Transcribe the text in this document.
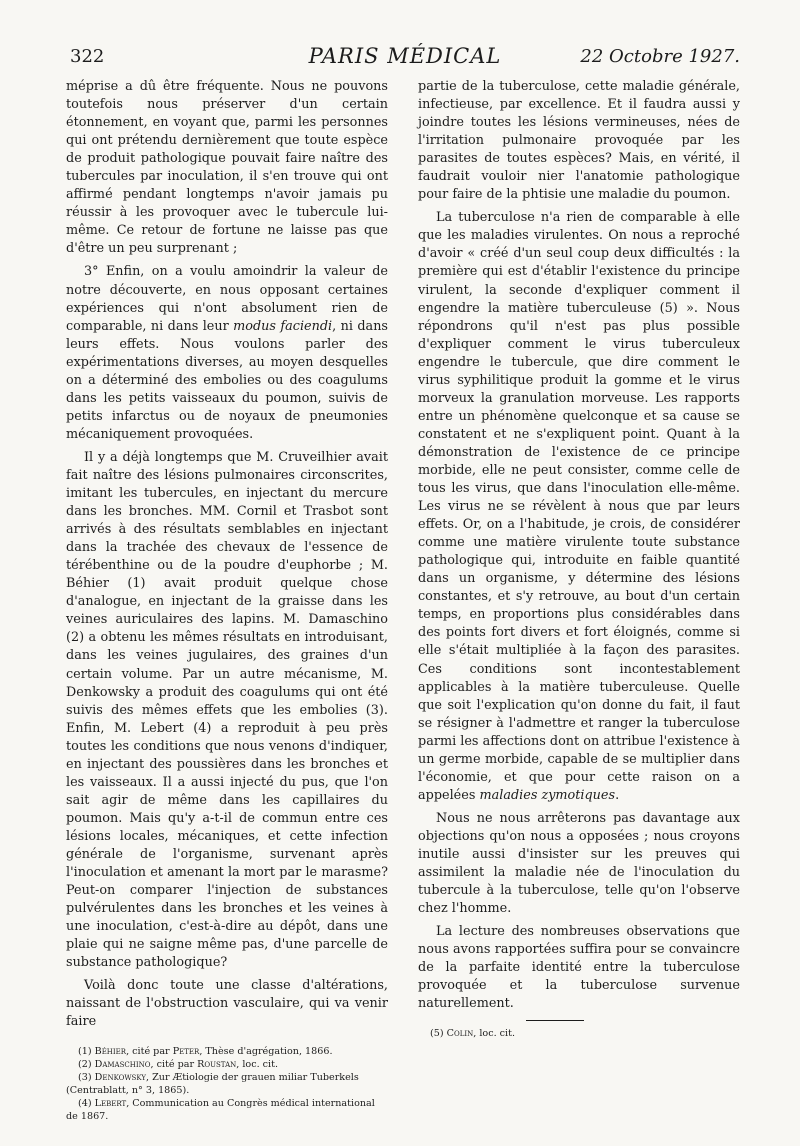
322	PARIS MÉDICAL	22 Octobre 1927.

méprise a dû être fréquente. Nous ne pouvons toutefois nous préserver d'un certain étonnement, en voyant que, parmi les personnes qui ont prétendu dernièrement que toute espèce de produit pathologique pouvait faire naître des tubercules par inoculation, il s'en trouve qui ont affirmé pendant longtemps n'avoir jamais pu réussir à les provoquer avec le tubercule lui-même. Ce retour de fortune ne laisse pas que d'être un peu surprenant ;

3° Enfin, on a voulu amoindrir la valeur de notre découverte, en nous opposant certaines expériences qui n'ont absolument rien de comparable, ni dans leur modus faciendi, ni dans leurs effets. Nous voulons parler des expérimentations diverses, au moyen desquelles on a déterminé des embolies ou des coagulums dans les petits vaisseaux du poumon, suivis de petits infarctus ou de noyaux de pneumonies mécaniquement provoquées.

Il y a déjà longtemps que M. Cruveilhier avait fait naître des lésions pulmonaires circonscrites, imitant les tubercules, en injectant du mercure dans les bronches. MM. Cornil et Trasbot sont arrivés à des résultats semblables en injectant dans la trachée des chevaux de l'essence de térébenthine ou de la poudre d'euphorbe ; M. Béhier (1) avait produit quelque chose d'analogue, en injectant de la graisse dans les veines auriculaires des lapins. M. Damaschino (2) a obtenu les mêmes résultats en introduisant, dans les veines jugulaires, des graines d'un certain volume. Par un autre mécanisme, M. Denkowsky a produit des coagulums qui ont été suivis des mêmes effets que les embolies (3). Enfin, M. Lebert (4) a reproduit à peu près toutes les conditions que nous venons d'indiquer, en injectant des poussières dans les bronches et les vaisseaux. Il a aussi injecté du pus, que l'on sait agir de même dans les capillaires du poumon. Mais qu'y a-t-il de commun entre ces lésions locales, mécaniques, et cette infection générale de l'organisme, survenant après l'inoculation et amenant la mort par le marasme? Peut-on comparer l'injection de substances pulvérulentes dans les bronches et les veines à une inoculation, c'est-à-dire au dépôt, dans une plaie qui ne saigne même pas, d'une parcelle de substance pathologique?

Voilà donc toute une classe d'altérations, naissant de l'obstruction vasculaire, qui va venir faire

(1) Béhier, cité par Peter, Thèse d'agrégation, 1866.

(2) Damaschino, cité par Roustan, loc. cit.

(3) Denkowsky, Zur Ætiologie der grauen miliar Tuberkels (Centrablatt, n° 3, 1865).

(4) Lebert, Communication au Congrès médical international de 1867.

partie de la tuberculose, cette maladie générale, infectieuse, par excellence. Et il faudra aussi y joindre toutes les lésions vermineuses, nées de l'irritation pulmonaire provoquée par les parasites de toutes espèces? Mais, en vérité, il faudrait vouloir nier l'anatomie pathologique pour faire de la phtisie une maladie du poumon.

La tuberculose n'a rien de comparable à elle que les maladies virulentes. On nous a reproché d'avoir « créé d'un seul coup deux difficultés : la première qui est d'établir l'existence du principe virulent, la seconde d'expliquer comment il engendre la matière tuberculeuse (5) ». Nous répondrons qu'il n'est pas plus possible d'expliquer comment le virus tuberculeux engendre le tubercule, que dire comment le virus syphilitique produit la gomme et le virus morveux la granulation morveuse. Les rapports entre un phénomène quelconque et sa cause se constatent et ne s'expliquent point. Quant à la démonstration de l'existence de ce principe morbide, elle ne peut consister, comme celle de tous les virus, que dans l'inoculation elle-même. Les virus ne se révèlent à nous que par leurs effets. Or, on a l'habitude, je crois, de considérer comme une matière virulente toute substance pathologique qui, introduite en faible quantité dans un organisme, y détermine des lésions constantes, et s'y retrouve, au bout d'un certain temps, en proportions plus considérables dans des points fort divers et fort éloignés, comme si elle s'était multipliée à la façon des parasites. Ces conditions sont incontestablement applicables à la matière tuberculeuse. Quelle que soit l'explication qu'on donne du fait, il faut se résigner à l'admettre et ranger la tuberculose parmi les affections dont on attribue l'existence à un germe morbide, capable de se multiplier dans l'économie, et que pour cette raison on a appelées maladies zymotiques.

Nous ne nous arrêterons pas davantage aux objections qu'on nous a opposées ; nous croyons inutile aussi d'insister sur les preuves qui assimilent la maladie née de l'inoculation du tubercule à la tuberculose, telle qu'on l'observe chez l'homme.

La lecture des nombreuses observations que nous avons rapportées suffira pour se convaincre de la parfaite identité entre la tuberculose provoquée et la tuberculose survenue naturellement.

(5) Colin, loc. cit.
